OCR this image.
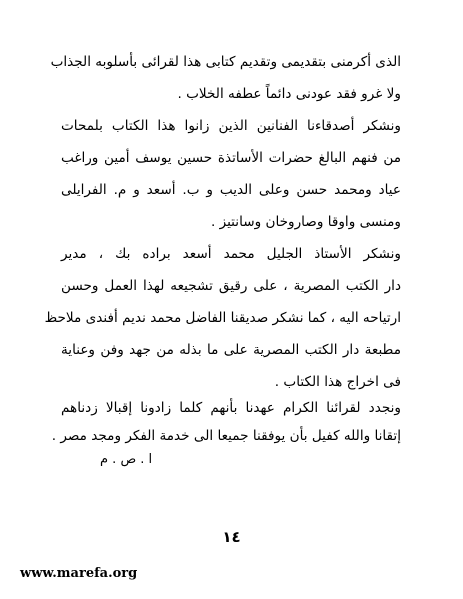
الذى أكرمنى بتقديمى وتقديم كتابى هذا لقرائى بأسلوبه الجذاب
ولا غرو فقد عودنى دائماً عطفه الخلاب .
ونشكر أصدقاءنا الفنانين الذين زانوا هذا الكتاب بلمحات
من فنهم البالغ حضرات الأساتذة حسين يوسف أمين وراغب
عياد ومحمد حسن وعلى الديب و ب. أسعد و م. الفرايلى
ومنسى واوقا وصاروخان وسانتيز .
ونشكر الأستاذ الجليل محمد أسعد براده بك ، مدير
دار الكتب المصرية ، على رقيق تشجيعه لهذا العمل وحسن
ارتياحه اليه ، كما نشكر صديقنا الفاضل محمد نديم أفندى ملاحظ
مطبعة دار الكتب المصرية على ما بذله من جهد وفن وعناية
فى اخراج هذا الكتاب .
ونجدد لقرائنا الكرام عهدنا بأنهم كلما زادونا إقبالا زدناهم
إتقانا والله كفيل بأن يوفقنا جميعا الى خدمة الفكر ومجد مصر .
ا . ص . م
١٤
www.marefa.org
